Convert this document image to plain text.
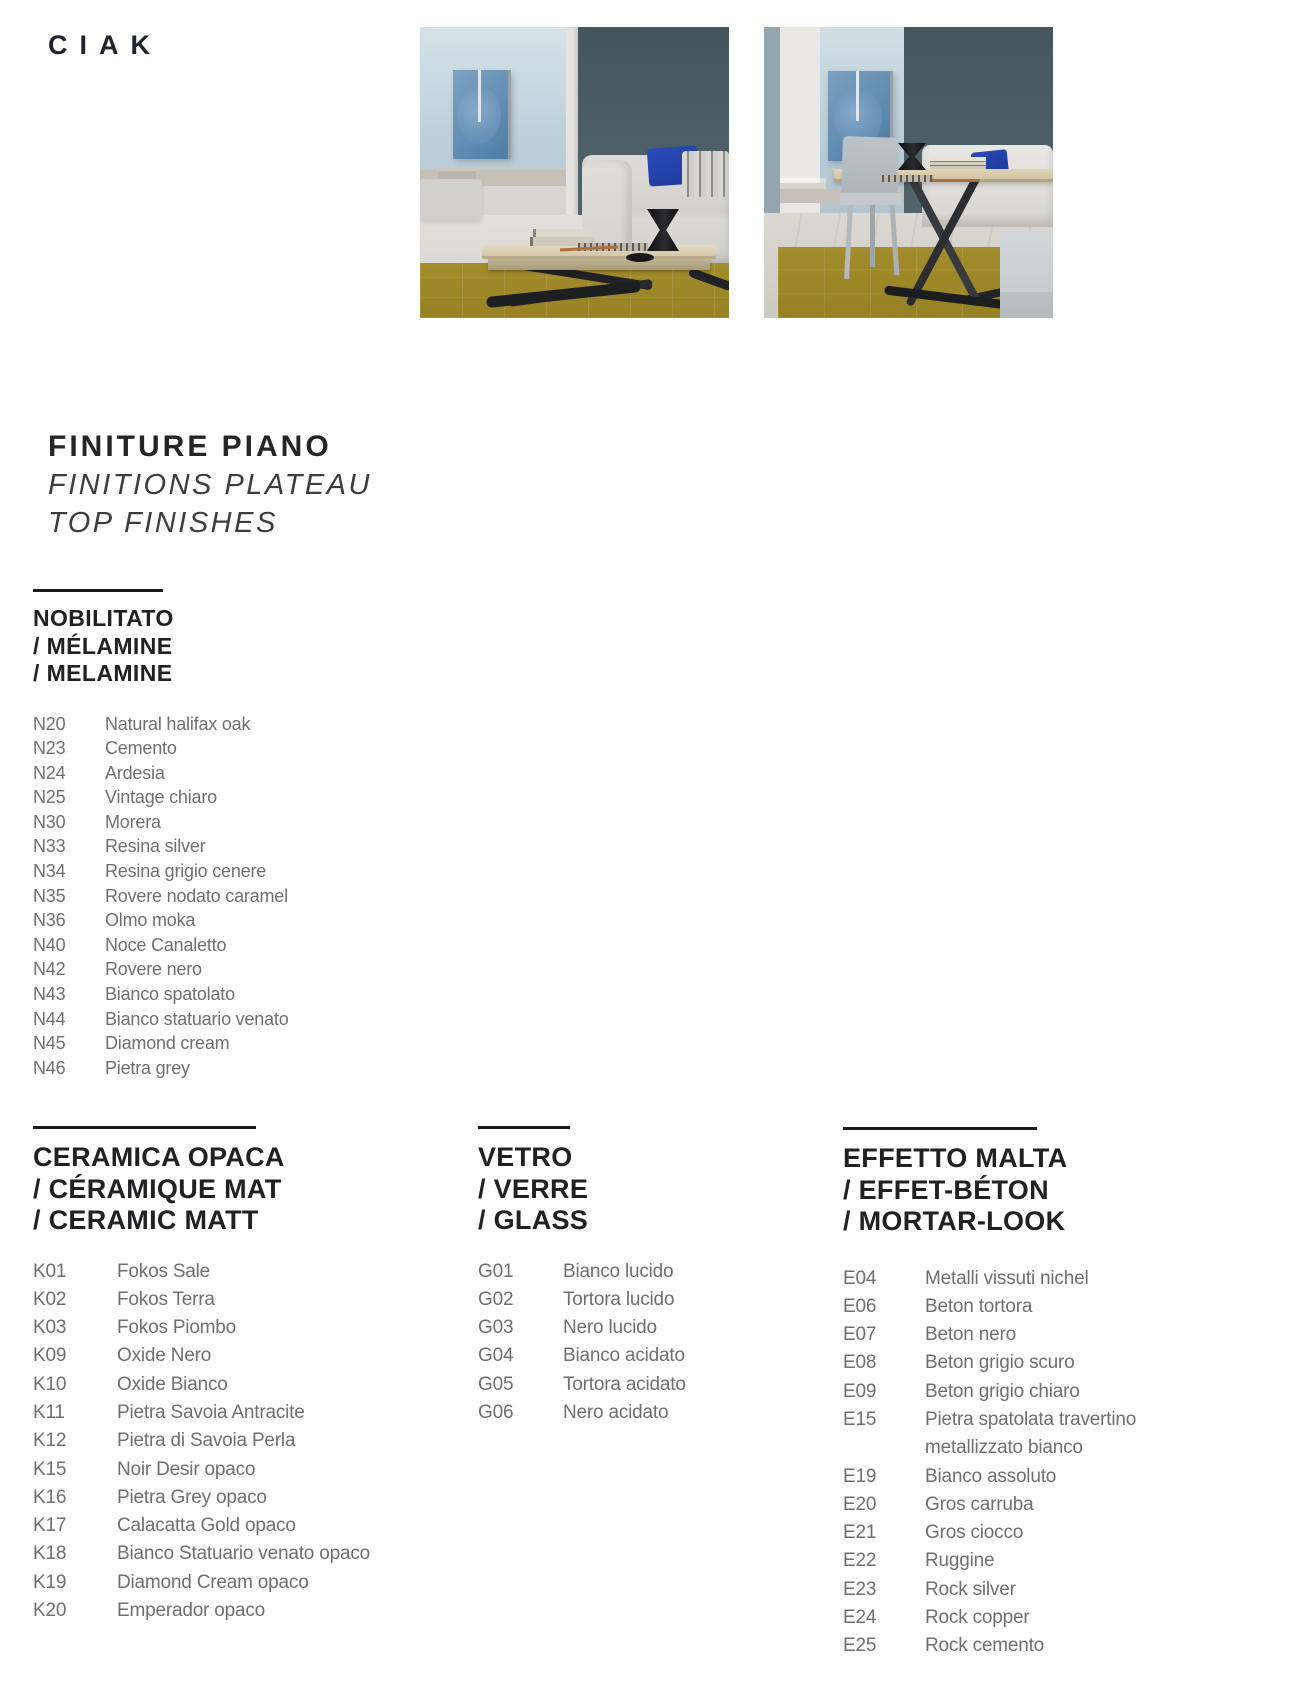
CIAK
FINITURE PIANO
FINITIONS PLATEAU
TOP FINISHES
NOBILITATO
/ MÉLAMINE
/ MELAMINE
N20	Natural halifax oak
N23	Cemento
N24	Ardesia
N25	Vintage chiaro
N30	Morera
N33	Resina silver
N34	Resina grigio cenere
N35	Rovere nodato caramel
N36	Olmo moka
N40	Noce Canaletto
N42	Rovere nero
N43	Bianco spatolato
N44	Bianco statuario venato
N45	Diamond cream
N46	Pietra grey
CERAMICA OPACA
/ CÉRAMIQUE MAT
/ CERAMIC MATT
K01	Fokos Sale
K02	Fokos Terra
K03	Fokos Piombo
K09	Oxide Nero
K10	Oxide Bianco
K11	Pietra Savoia Antracite
K12	Pietra di Savoia Perla
K15	Noir Desir opaco
K16	Pietra Grey opaco
K17	Calacatta Gold opaco
K18	Bianco Statuario venato opaco
K19	Diamond Cream opaco
K20	Emperador opaco
VETRO
/ VERRE
/ GLASS
G01	Bianco lucido
G02	Tortora lucido
G03	Nero lucido
G04	Bianco acidato
G05	Tortora acidato
G06	Nero acidato
EFFETTO MALTA
/ EFFET-BÉTON
/ MORTAR-LOOK
E04	Metalli vissuti nichel
E06	Beton tortora
E07	Beton nero
E08	Beton grigio scuro
E09	Beton grigio chiaro
E15	Pietra spatolata travertino metallizzato bianco
E19	Bianco assoluto
E20	Gros carruba
E21	Gros ciocco
E22	Ruggine
E23	Rock silver
E24	Rock copper
E25	Rock cemento
